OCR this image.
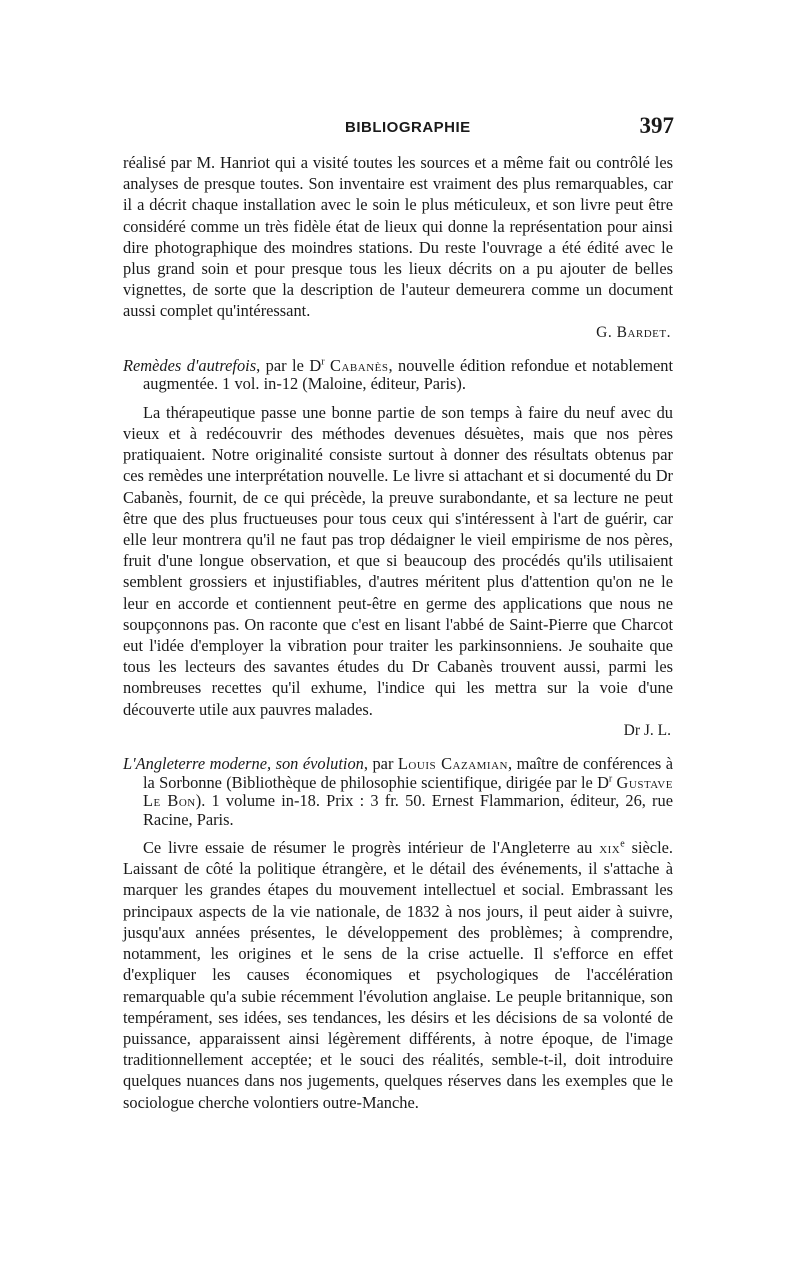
BIBLIOGRAPHIE	397

réalisé par M. Hanriot qui a visité toutes les sources et a même fait ou contrôlé les analyses de presque toutes. Son inventaire est vraiment des plus remarquables, car il a décrit chaque installation avec le soin le plus méticuleux, et son livre peut être considéré comme un très fidèle état de lieux qui donne la représentation pour ainsi dire photographique des moindres stations. Du reste l'ouvrage a été édité avec le plus grand soin et pour presque tous les lieux décrits on a pu ajouter de belles vignettes, de sorte que la description de l'auteur demeurera comme un document aussi complet qu'intéressant.

G. Bardet.

Remèdes d'autrefois, par le $D^r$ Cabanès, nouvelle édition refondue et notablement augmentée. 1 vol. in-12 (Maloine, éditeur, Paris).

La thérapeutique passe une bonne partie de son temps à faire du neuf avec du vieux et à redécouvrir des méthodes devenues désuètes, mais que nos pères pratiquaient. Notre originalité consiste surtout à donner des résultats obtenus par ces remèdes une interprétation nouvelle. Le livre si attachant et si documenté du Dr Cabanès, fournit, de ce qui précède, la preuve surabondante, et sa lecture ne peut être que des plus fructueuses pour tous ceux qui s'intéressent à l'art de guérir, car elle leur montrera qu'il ne faut pas trop dédaigner le vieil empirisme de nos pères, fruit d'une longue observation, et que si beaucoup des procédés qu'ils utilisaient semblent grossiers et injustifiables, d'autres méritent plus d'attention qu'on ne le leur en accorde et contiennent peut-être en germe des applications que nous ne soupçonnons pas. On raconte que c'est en lisant l'abbé de Saint-Pierre que Charcot eut l'idée d'employer la vibration pour traiter les parkinsonniens. Je souhaite que tous les lecteurs des savantes études du Dr Cabanès trouvent aussi, parmi les nombreuses recettes qu'il exhume, l'indice qui les mettra sur la voie d'une découverte utile aux pauvres malades.

Dr J. L.

L'Angleterre moderne, son évolution, par Louis Cazamian, maître de conférences à la Sorbonne (Bibliothèque de philosophie scientifique, dirigée par le $D^r$ Gustave Le Bon). 1 volume in-18. Prix : 3 fr. 50. Ernest Flammarion, éditeur, 26, rue Racine, Paris.

Ce livre essaie de résumer le progrès intérieur de l'Angleterre au xix$^e$ siècle. Laissant de côté la politique étrangère, et le détail des événements, il s'attache à marquer les grandes étapes du mouvement intellectuel et social. Embrassant les principaux aspects de la vie nationale, de 1832 à nos jours, il peut aider à suivre, jusqu'aux années présentes, le développement des problèmes; à comprendre, notamment, les origines et le sens de la crise actuelle. Il s'efforce en effet d'expliquer les causes économiques et psychologiques de l'accélération remarquable qu'a subie récemment l'évolution anglaise. Le peuple britannique, son tempérament, ses idées, ses tendances, les désirs et les décisions de sa volonté de puissance, apparaissent ainsi légèrement différents, à notre époque, de l'image traditionnellement acceptée; et le souci des réalités, semble-t-il, doit introduire quelques nuances dans nos jugements, quelques réserves dans les exemples que le sociologue cherche volontiers outre-Manche.
